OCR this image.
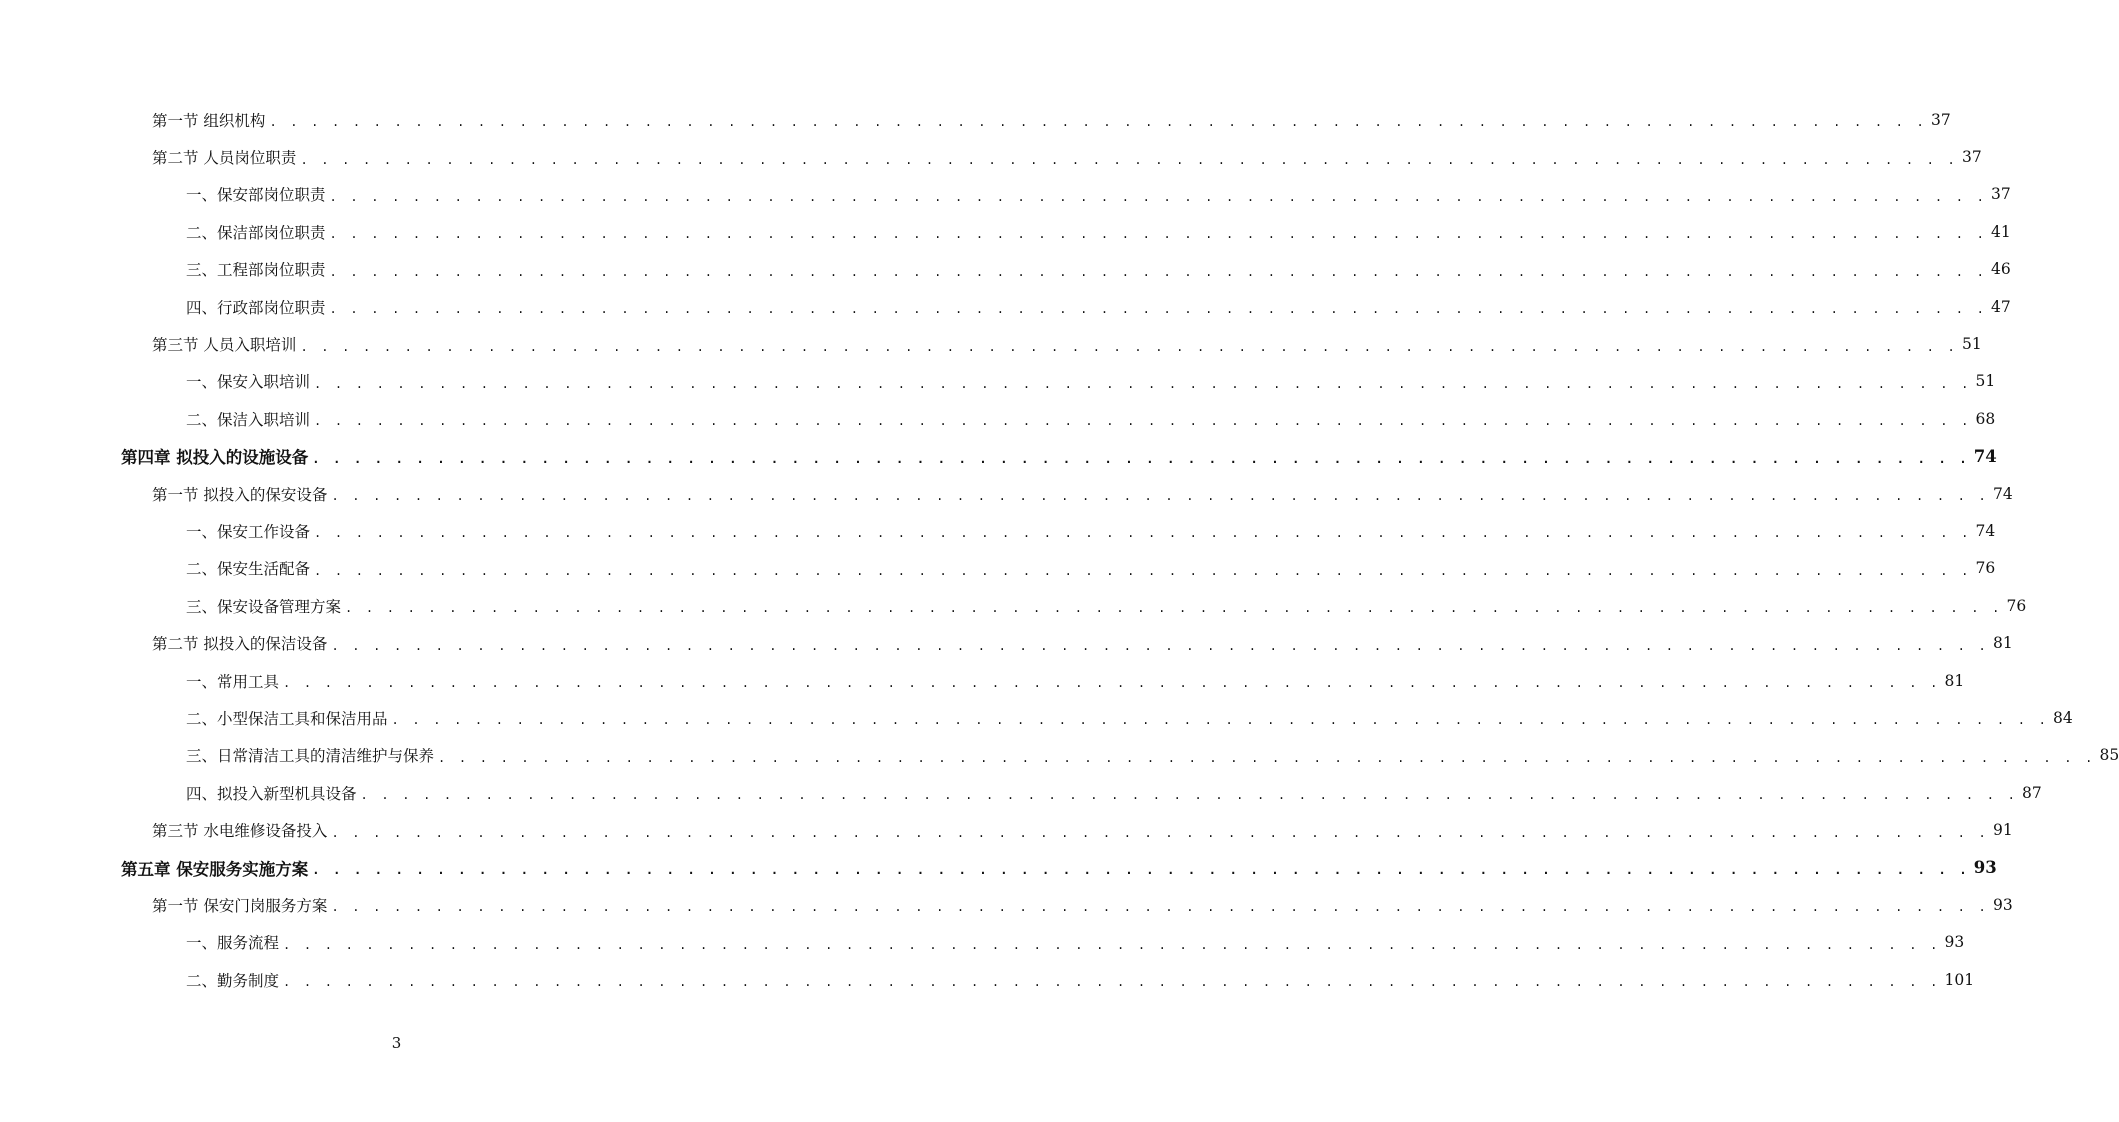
第一节 组织机构 . . . . . . . . . . . . . . . . . . . . . . . . . . . . . . . . . . . . . . . . . . . . . . . . . . . . . . . . . . . . . . . . . . . . . . . . . . . . . . . . 37
第二节 人员岗位职责 . . . . . . . . . . . . . . . . . . . . . . . . . . . . . . . . . . . . . . . . . . . . . . . . . . . . . . . . . . . . . . . . . . . . . . . . . . . . . . . . 37
一、保安部岗位职责 . . . . . . . . . . . . . . . . . . . . . . . . . . . . . . . . . . . . . . . . . . . . . . . . . . . . . . . . . . . . . . . . . . . . . . . . . . . . . . . . 37
二、保洁部岗位职责 . . . . . . . . . . . . . . . . . . . . . . . . . . . . . . . . . . . . . . . . . . . . . . . . . . . . . . . . . . . . . . . . . . . . . . . . . . . . . . . . 41
三、工程部岗位职责 . . . . . . . . . . . . . . . . . . . . . . . . . . . . . . . . . . . . . . . . . . . . . . . . . . . . . . . . . . . . . . . . . . . . . . . . . . . . . . . . 46
四、行政部岗位职责 . . . . . . . . . . . . . . . . . . . . . . . . . . . . . . . . . . . . . . . . . . . . . . . . . . . . . . . . . . . . . . . . . . . . . . . . . . . . . . . . 47
第三节 人员入职培训 . . . . . . . . . . . . . . . . . . . . . . . . . . . . . . . . . . . . . . . . . . . . . . . . . . . . . . . . . . . . . . . . . . . . . . . . . . . . . . . . 51
一、保安入职培训 . . . . . . . . . . . . . . . . . . . . . . . . . . . . . . . . . . . . . . . . . . . . . . . . . . . . . . . . . . . . . . . . . . . . . . . . . . . . . . . . 51
二、保洁入职培训 . . . . . . . . . . . . . . . . . . . . . . . . . . . . . . . . . . . . . . . . . . . . . . . . . . . . . . . . . . . . . . . . . . . . . . . . . . . . . . . . 68
第四章 拟投入的设施设备 . . . . . . . . . . . . . . . . . . . . . . . . . . . . . . . . . . . . . . . . . . . . . . . . . . . . . . . . . . . . . . . . . . . . . . . . . . . . . . . . 74
第一节 拟投入的保安设备 . . . . . . . . . . . . . . . . . . . . . . . . . . . . . . . . . . . . . . . . . . . . . . . . . . . . . . . . . . . . . . . . . . . . . . . . . . . . . . . . 74
一、保安工作设备 . . . . . . . . . . . . . . . . . . . . . . . . . . . . . . . . . . . . . . . . . . . . . . . . . . . . . . . . . . . . . . . . . . . . . . . . . . . . . . . . 74
二、保安生活配备 . . . . . . . . . . . . . . . . . . . . . . . . . . . . . . . . . . . . . . . . . . . . . . . . . . . . . . . . . . . . . . . . . . . . . . . . . . . . . . . . 76
三、保安设备管理方案 . . . . . . . . . . . . . . . . . . . . . . . . . . . . . . . . . . . . . . . . . . . . . . . . . . . . . . . . . . . . . . . . . . . . . . . . . . . . . . . . 76
第二节 拟投入的保洁设备 . . . . . . . . . . . . . . . . . . . . . . . . . . . . . . . . . . . . . . . . . . . . . . . . . . . . . . . . . . . . . . . . . . . . . . . . . . . . . . . . 81
一、常用工具 . . . . . . . . . . . . . . . . . . . . . . . . . . . . . . . . . . . . . . . . . . . . . . . . . . . . . . . . . . . . . . . . . . . . . . . . . . . . . . . . 81
二、小型保洁工具和保洁用品 . . . . . . . . . . . . . . . . . . . . . . . . . . . . . . . . . . . . . . . . . . . . . . . . . . . . . . . . . . . . . . . . . . . . . . . . . . . . . . . . 84
三、日常清洁工具的清洁维护与保养 . . . . . . . . . . . . . . . . . . . . . . . . . . . . . . . . . . . . . . . . . . . . . . . . . . . . . . . . . . . . . . . . . . . . . . . . . . . . . . . . 85
四、拟投入新型机具设备 . . . . . . . . . . . . . . . . . . . . . . . . . . . . . . . . . . . . . . . . . . . . . . . . . . . . . . . . . . . . . . . . . . . . . . . . . . . . . . . . 87
第三节 水电维修设备投入 . . . . . . . . . . . . . . . . . . . . . . . . . . . . . . . . . . . . . . . . . . . . . . . . . . . . . . . . . . . . . . . . . . . . . . . . . . . . . . . . 91
第五章 保安服务实施方案 . . . . . . . . . . . . . . . . . . . . . . . . . . . . . . . . . . . . . . . . . . . . . . . . . . . . . . . . . . . . . . . . . . . . . . . . . . . . . . . . 93
第一节 保安门岗服务方案 . . . . . . . . . . . . . . . . . . . . . . . . . . . . . . . . . . . . . . . . . . . . . . . . . . . . . . . . . . . . . . . . . . . . . . . . . . . . . . . . 93
一、服务流程 . . . . . . . . . . . . . . . . . . . . . . . . . . . . . . . . . . . . . . . . . . . . . . . . . . . . . . . . . . . . . . . . . . . . . . . . . . . . . . . . 93
二、勤务制度 . . . . . . . . . . . . . . . . . . . . . . . . . . . . . . . . . . . . . . . . . . . . . . . . . . . . . . . . . . . . . . . . . . . . . . . . . . . . . . . . 101
3
